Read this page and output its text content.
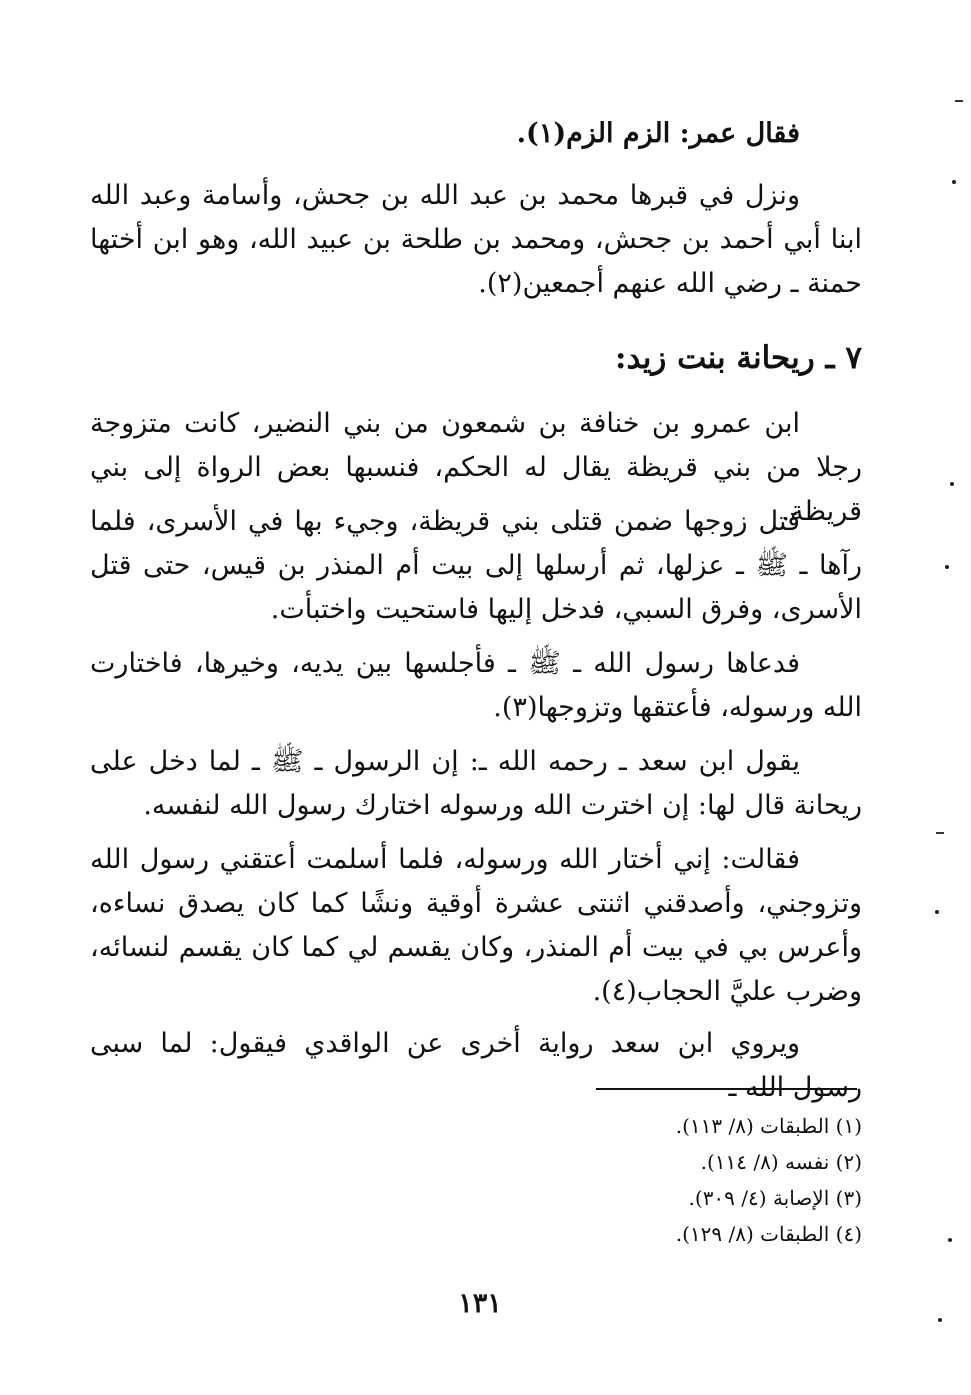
فقال عمر: الزم الزم(١).
ونزل في قبرها محمد بن عبد الله بن جحش، وأسامة وعبد الله ابنا أبي أحمد بن جحش، ومحمد بن طلحة بن عبيد الله، وهو ابن أختها حمنة ـ رضي الله عنهم أجمعين(٢).
٧ ـ ريحانة بنت زيد:
ابن عمرو بن خنافة بن شمعون من بني النضير، كانت متزوجة رجلا من بني قريظة يقال له الحكم، فنسبها بعض الرواة إلى بني قريظة.
قتل زوجها ضمن قتلى بني قريظة، وجيء بها في الأسرى، فلما رآها ـ ﷺ ـ عزلها، ثم أرسلها إلى بيت أم المنذر بن قيس، حتى قتل الأسرى، وفرق السبي، فدخل إليها فاستحيت واختبأت.
فدعاها رسول الله ـ ﷺ ـ فأجلسها بين يديه، وخيرها، فاختارت الله ورسوله، فأعتقها وتزوجها(٣).
يقول ابن سعد ـ رحمه الله ـ: إن الرسول ـ ﷺ ـ لما دخل على ريحانة قال لها: إن اخترت الله ورسوله اختارك رسول الله لنفسه.
فقالت: إني أختار الله ورسوله، فلما أسلمت أعتقني رسول الله وتزوجني، وأصدقني اثنتى عشرة أوقية ونشًا كما كان يصدق نساءه، وأعرس بي في بيت أم المنذر، وكان يقسم لي كما كان يقسم لنسائه، وضرب عليَّ الحجاب(٤).
ويروي ابن سعد رواية أخرى عن الواقدي فيقول: لما سبى رسول الله ـ
(١) الطبقات (٨/ ١١٣).
(٢) نفسه (٨/ ١١٤).
(٣) الإصابة (٤/ ٣٠٩).
(٤) الطبقات (٨/ ١٢٩).
١٣١
